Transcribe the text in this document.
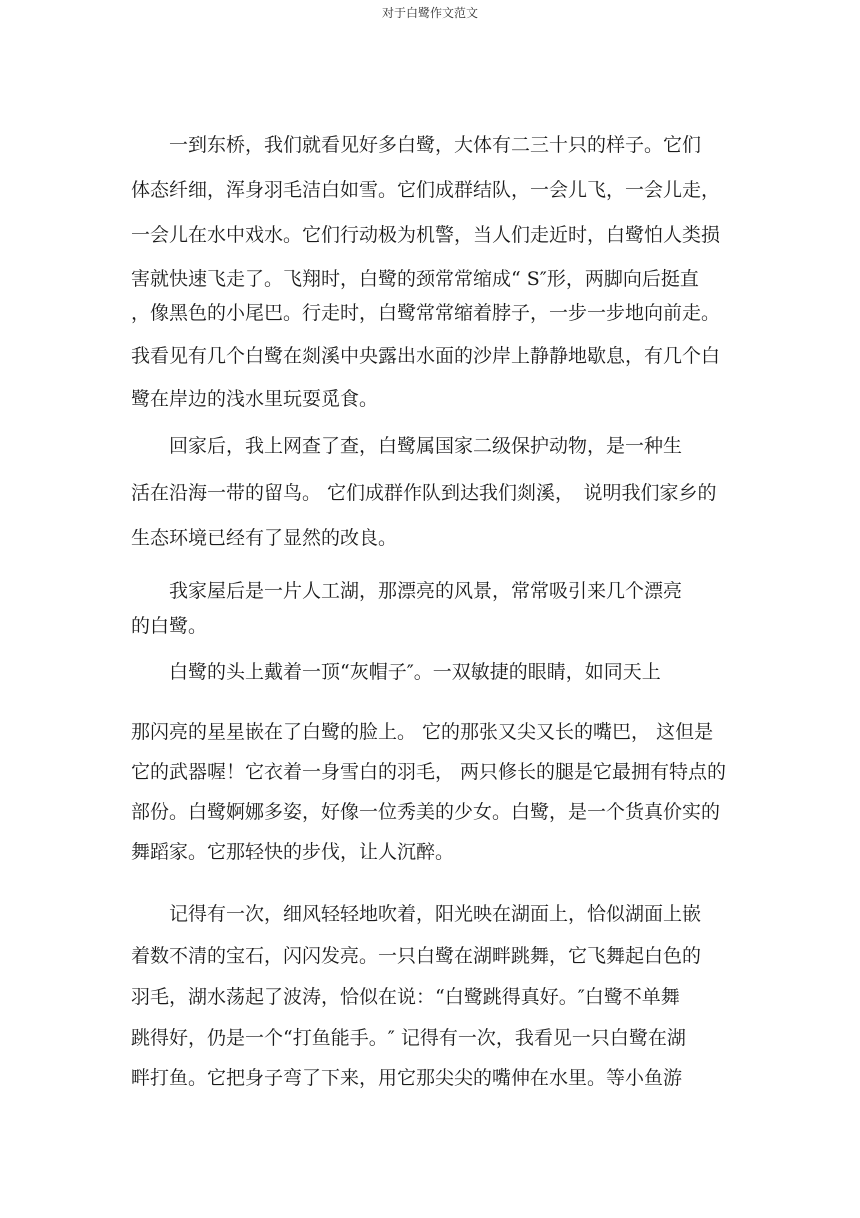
对于白鹭作文范文
　　一到东桥，我们就看见好多白鹭，大体有二三十只的样子。它们
体态纤细，浑身羽毛洁白如雪。它们成群结队，一会儿飞，一会儿走，
一会儿在水中戏水。它们行动极为机警，当人们走近时，白鹭怕人类损
害就快速飞走了。飞翔时，白鹭的颈常常缩成“ S″形，两脚向后挺直
，像黑色的小尾巴。行走时，白鹭常常缩着脖子，一步一步地向前走。
我看见有几个白鹭在剡溪中央露出水面的沙岸上静静地歇息，有几个白
鹭在岸边的浅水里玩耍觅食。
　　回家后，我上网查了查，白鹭属国家二级保护动物，是一种生
活在沿海一带的留鸟。 它们成群作队到达我们剡溪，　说明我们家乡的
生态环境已经有了显然的改良。
　　我家屋后是一片人工湖，那漂亮的风景，常常吸引来几个漂亮
的白鹭。
　　白鹭的头上戴着一顶“灰帽子″。一双敏捷的眼睛，如同天上
那闪亮的星星嵌在了白鹭的脸上。 它的那张又尖又长的嘴巴， 这但是
它的武器喔！它衣着一身雪白的羽毛， 两只修长的腿是它最拥有特点的
部份。白鹭婀娜多姿，好像一位秀美的少女。白鹭，是一个货真价实的
舞蹈家。它那轻快的步伐，让人沉醉。
　　记得有一次，细风轻轻地吹着，阳光映在湖面上，恰似湖面上嵌
着数不清的宝石，闪闪发亮。一只白鹭在湖畔跳舞，它飞舞起白色的
羽毛，湖水荡起了波涛，恰似在说：“白鹭跳得真好。″白鹭不单舞
跳得好，仍是一个“打鱼能手。″ 记得有一次，我看见一只白鹭在湖
畔打鱼。它把身子弯了下来，用它那尖尖的嘴伸在水里。等小鱼游
